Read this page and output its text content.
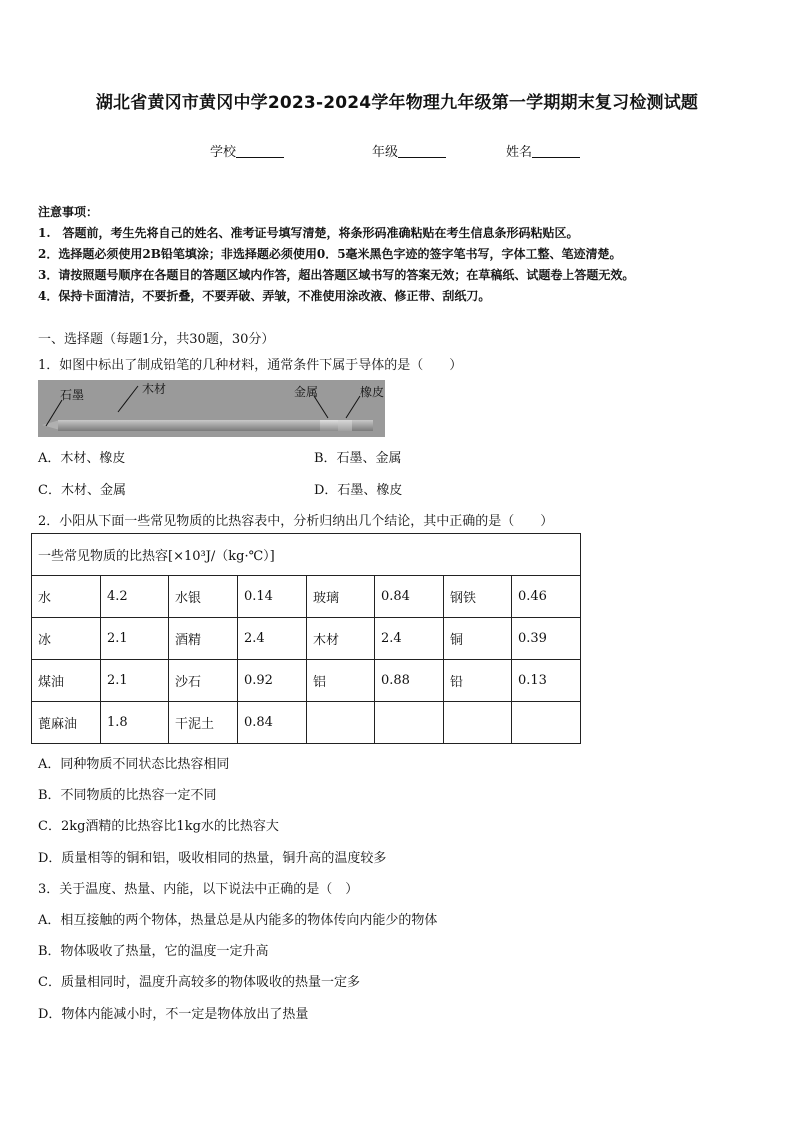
湖北省黄冈市黄冈中学2023-2024学年物理九年级第一学期期末复习检测试题
学校	年级	姓名
注意事项：
1.　答题前，考生先将自己的姓名、准考证号填写清楚，将条形码准确粘贴在考生信息条形码粘贴区。
2．选择题必须使用2B铅笔填涂；非选择题必须使用0．5毫米黑色字迹的签字笔书写，字体工整、笔迹清楚。
3．请按照题号顺序在各题目的答题区域内作答，超出答题区域书写的答案无效；在草稿纸、试题卷上答题无效。
4．保持卡面清洁，不要折叠，不要弄破、弄皱，不准使用涂改液、修正带、刮纸刀。
一、选择题（每题1分，共30题，30分）
1．如图中标出了制成铅笔的几种材料，通常条件下属于导体的是（　　）
石墨	木材	金属	橡皮
A．木材、橡皮	B．石墨、金属
C．木材、金属	D．石墨、橡皮
2．小阳从下面一些常见物质的比热容表中，分析归纳出几个结论，其中正确的是（　　）
一些常见物质的比热容[×10³J/（kg·℃）]							
水	4.2	水银	0.14	玻璃	0.84	钢铁	0.46
冰	2.1	酒精	2.4	木材	2.4	铜	0.39
煤油	2.1	沙石	0.92	铝	0.88	铅	0.13
蓖麻油	1.8	干泥土	0.84				
A．同种物质不同状态比热容相同
B．不同物质的比热容一定不同
C．2kg酒精的比热容比1kg水的比热容大
D．质量相等的铜和铝，吸收相同的热量，铜升高的温度较多
3．关于温度、热量、内能，以下说法中正确的是（　）
A．相互接触的两个物体，热量总是从内能多的物体传向内能少的物体
B．物体吸收了热量，它的温度一定升高
C．质量相同时，温度升高较多的物体吸收的热量一定多
D．物体内能减小时，不一定是物体放出了热量
